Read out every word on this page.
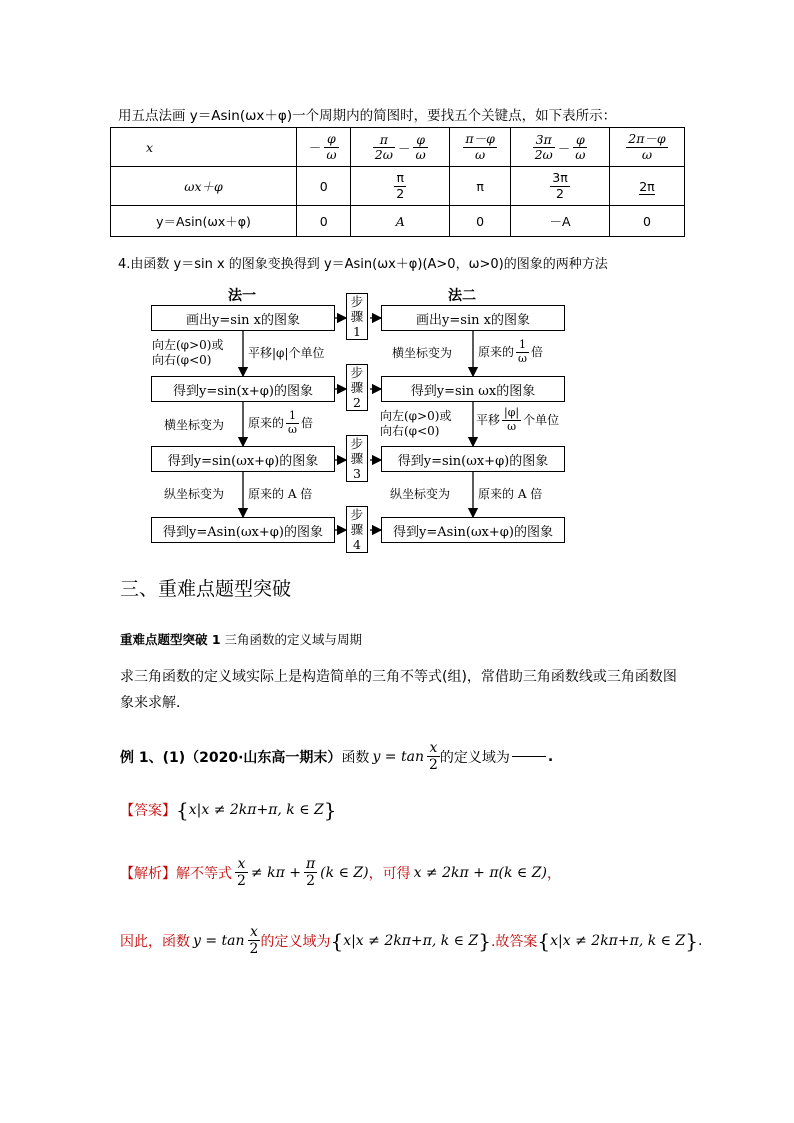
用五点法画 y＝Asin(ωx＋φ)一个周期内的简图时，要找五个关键点，如下表所示：
x	－ $\frac{\varphi}{\omega}$	$\frac{\pi}{2\omega} - \frac{\varphi}{\omega}$	$\frac{\pi-\varphi}{\omega}$	$\frac{3\pi}{2\omega} - \frac{\varphi}{\omega}$	$\frac{2\pi-\varphi}{\omega}$

ωx＋φ	0	$\frac{\pi}{2}$	π	$\frac{3\pi}{2}$	2π
y＝Asin(ωx＋φ)	0	A	0	－A	0
4.由函数 y＝sin x 的图象变换得到 y＝Asin(ωx＋φ)(A>0，ω>0)的图象的两种方法
法一	法二
画出y=sin x的图象
得到y=sin(x+φ)的图象
得到y=sin(ωx+φ)的图象
得到y=Asin(ωx+φ)的图象
画出y=sin x的图象
得到y=sin ωx的图象
得到y=sin(ωx+φ)的图象
得到y=Asin(ωx+φ)的图象
步
骤
1
步
骤
2
步
骤
3
步
骤
4
向左(φ>0)或
向右(φ<0)	平移|φ|个单位
横坐标变为 原来的 $\frac{1}{\omega}$ 倍
纵坐标变为 原来的 A 倍
横坐标变为 原来的 $\frac{1}{\omega}$ 倍
向左(φ>0)或
向右(φ<0)
平移 $\frac{|\varphi|}{\omega}$ 个单位
纵坐标变为 原来的 A 倍
三、重难点题型突破
重难点题型突破 1 三角函数的定义域与周期
求三角函数的定义域实际上是构造简单的三角不等式(组)，常借助三角函数线或三角函数图象来求解．
例 1、(1)（2020·山东高一期末） 函数 $y = \tan \frac{x}{2}$ 的定义域为	.
【答案】 { x|x ≠ 2kπ+π, k ∈ Z }
【解析】 解不等式 $\frac{x}{2} \ne k\pi + \frac{\pi}{2} (k$ ∈ Z) ，可得 x ≠ 2kπ + π(k ∈ Z) ，
因此，函数 $y = \tan \frac{x}{2}$ 的定义域为 { x|x ≠ 2kπ+π, k ∈ Z } .故答案 { x|x ≠ 2kπ+π, k ∈ Z } .
